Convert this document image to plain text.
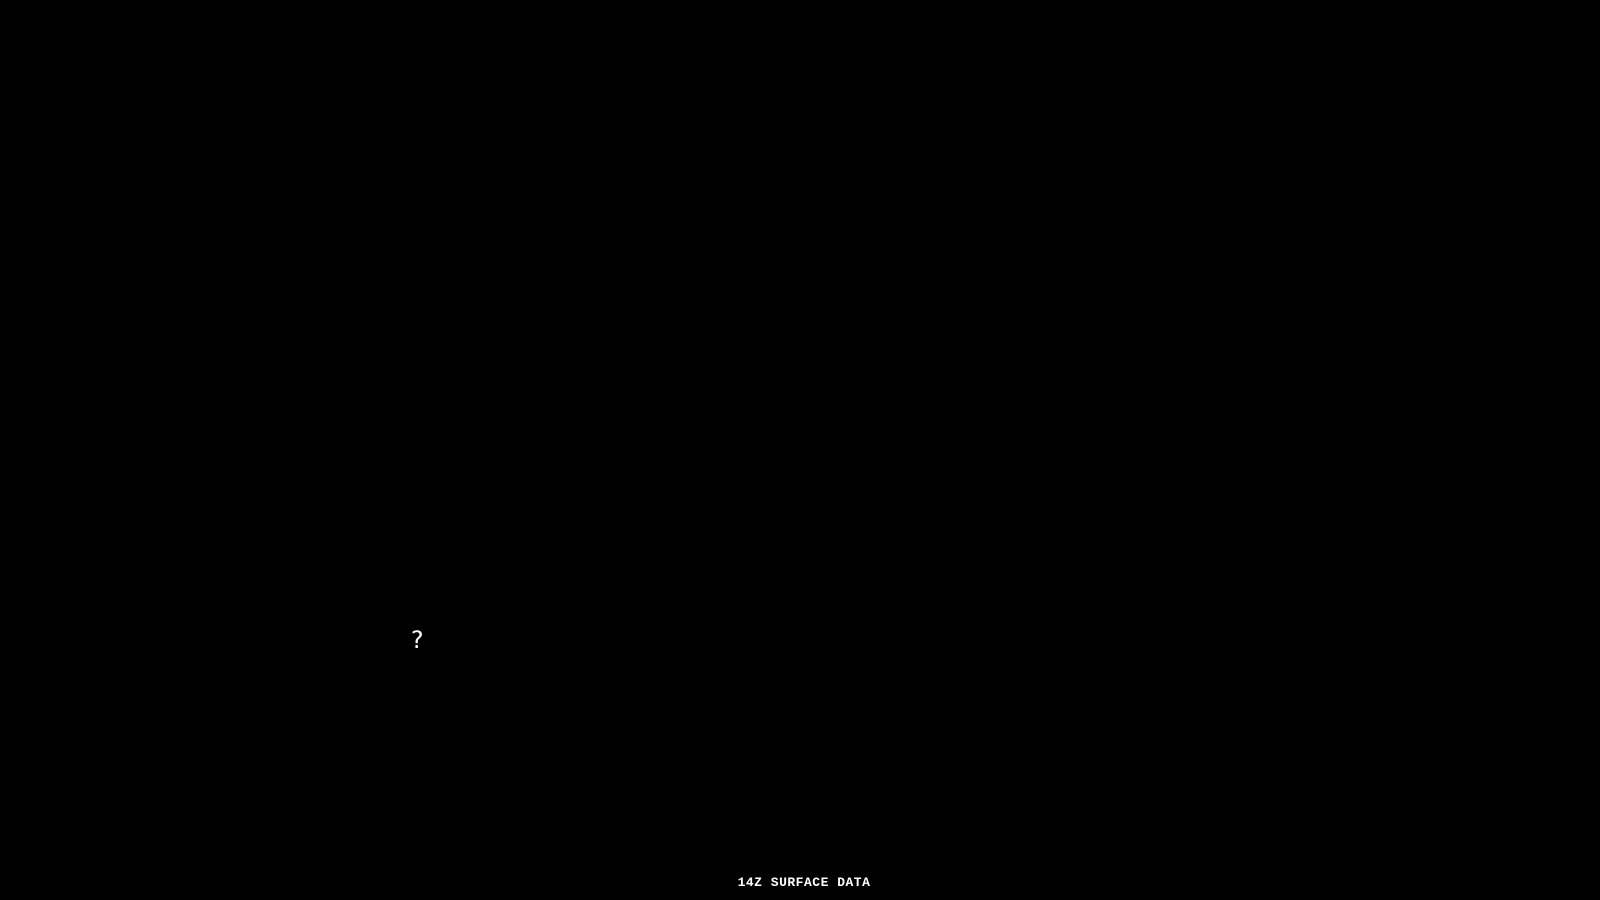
?
14Z SURFACE DATA
